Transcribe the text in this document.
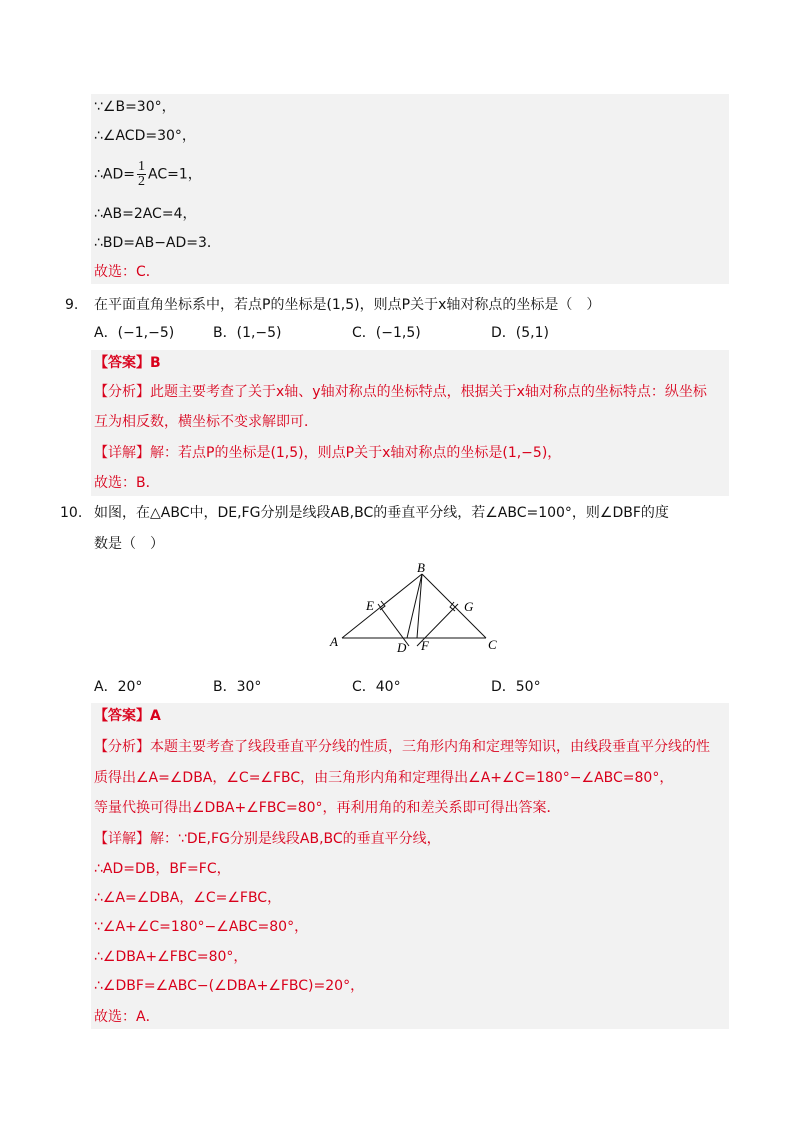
∵∠B=30°，
∴∠ACD=30°，
∴AD= $\frac{1}{2} AC=1$，
∴AB=2AC=4，
∴BD=AB−AD=3．
故选：C．
9. 在平面直角坐标系中，若点P的坐标是(1,5)，则点P关于x轴对称点的坐标是（　）
A．(−1,−5)	B．(1,−5)	C．(−1,5)	D．(5,1)
【答案】B
【分析】此题主要考查了关于x轴、y轴对称点的坐标特点，根据关于x轴对称点的坐标特点：纵坐标
互为相反数，横坐标不变求解即可．
【详解】解：若点P的坐标是(1,5)，则点P关于x轴对称点的坐标是(1,−5)，
故选：B．
10. 如图，在△ABC中，DE,FG分别是线段AB,BC的垂直平分线，若∠ABC=100°，则∠DBF的度
数是（　）
A
B
C
D
E
F
G
A．20°	B．30°	C．40°	D．50°
【答案】A
【分析】本题主要考查了线段垂直平分线的性质，三角形内角和定理等知识，由线段垂直平分线的性
质得出∠A=∠DBA，∠C=∠FBC，由三角形内角和定理得出∠A+∠C=180°−∠ABC=80°，
等量代换可得出∠DBA+∠FBC=80°，再利用角的和差关系即可得出答案．
【详解】解：∵DE,FG分别是线段AB,BC的垂直平分线，
∴AD=DB，BF=FC，
∴∠A=∠DBA，∠C=∠FBC，
∵∠A+∠C=180°−∠ABC=80°，
∴∠DBA+∠FBC=80°，
∴∠DBF=∠ABC−(∠DBA+∠FBC)=20°，
故选：A．
